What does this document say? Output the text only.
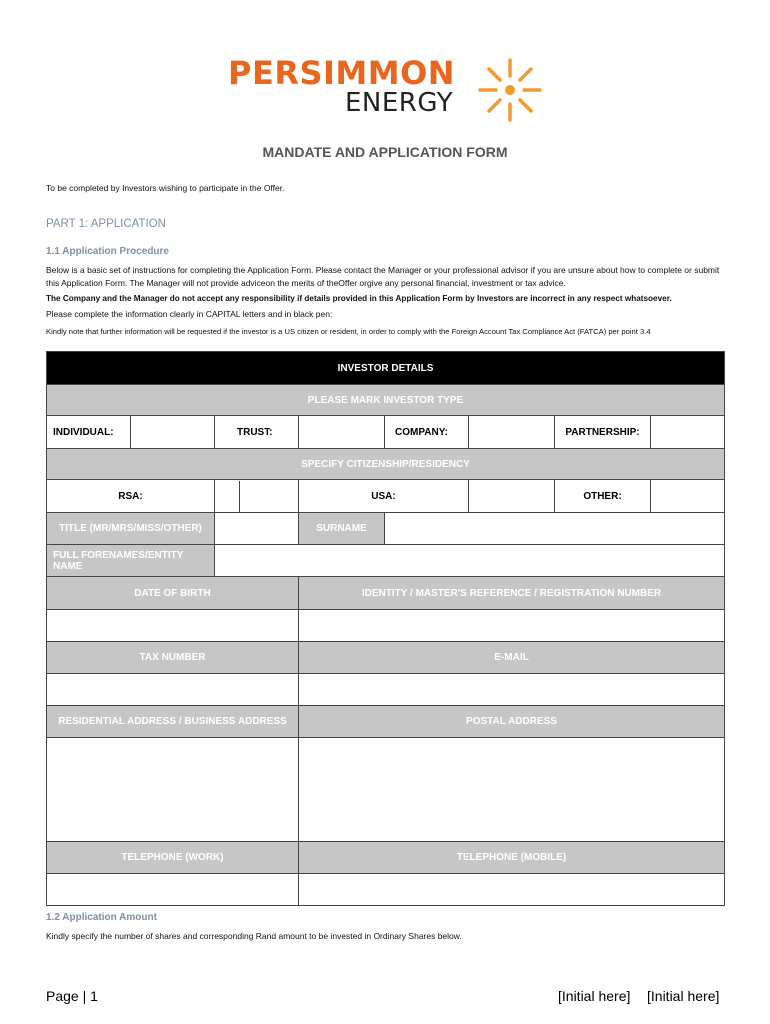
PERSIMMON
ENERGY
MANDATE AND APPLICATION FORM
To be completed by Investors wishing to participate in the Offer.
PART 1: APPLICATION
1.1 Application Procedure
Below is a basic set of instructions for completing the Application Form. Please contact the Manager or your professional advisor if you are unsure about how to complete or submit this Application Form. The Manager will not provide adviceon the merits of theOffer orgive any personal financial, investment or tax advice.
The Company and the Manager do not accept any responsibility if details provided in this Application Form by Investors are incorrect in any respect whatsoever.
Please complete the information clearly in CAPITAL letters and in black pen:
Kindly note that further information will be requested if the investor is a US citizen or resident, in order to comply with the Foreign Account Tax Compliance Act (FATCA) per point 3.4
INVESTOR DETAILS							
PLEASE MARK INVESTOR TYPE							
INDIVIDUAL:		TRUST:		COMPANY:		PARTNERSHIP:	
SPECIFY CITIZENSHIP/RESIDENCY							
RSA:			USA:			OTHER:	
TITLE (MR/MRS/MISS/OTHER)			SURNAME				
FULL FORENAMES/ENTITY NAME							
DATE OF BIRTH			IDENTITY / MASTER'S REFERENCE / REGISTRATION NUMBER				

TAX NUMBER			E-MAIL				

RESIDENTIAL ADDRESS / BUSINESS ADDRESS			POSTAL ADDRESS				

TELEPHONE (WORK)			TELEPHONE (MOBILE)				

1.2 Application Amount
Kindly specify the number of shares and corresponding Rand amount to be invested in Ordinary Shares below.
Page | 1	[Initial here] [Initial here]
